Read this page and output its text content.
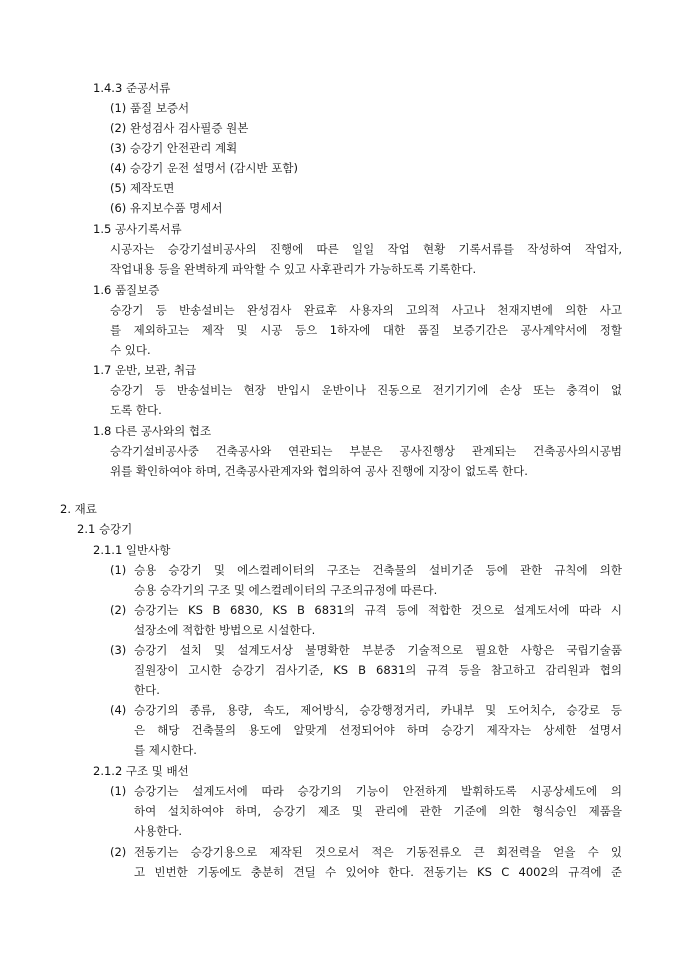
1.4.3 준공서류
(1) 품질 보증서
(2) 완성검사 검사필증 원본
(3) 승강기 안전관리 계획
(4) 승강기 운전 설명서 (감시반 포함)
(5) 제작도면
(6) 유지보수품 명세서
1.5 공사기록서류
시공자는 승강기설비공사의 진행에 따른 일일 작업 현황 기록서류를 작성하여 작업자,
작업내용 등을 완벽하게 파악할 수 있고 사후관리가 가능하도록 기록한다.
1.6 품질보증
승강기 등 반송설비는 완성검사 완료후 사용자의 고의적 사고나 천재지변에 의한 사고
를 제외하고는 제작 및 시공 등으 1하자에 대한 품질 보증기간은 공사계약서에 정할
수 있다.
1.7 운반, 보관, 취급
승강기 등 반송설비는 현장 반입시 운반이나 진동으로 전기기기에 손상 또는 충격이 없
도록 한다.
1.8 다른 공사와의 협조
승각기설비공사중 건축공사와 연관되는 부분은 공사진행상 관계되는 건축공사의시공범
위를 확인하여야 하며, 건축공사관계자와 협의하여 공사 진행에 지장이 없도록 한다.
2. 재료
2.1 승강기
2.1.1 일반사항
(1) 승용 승강기 및 에스컬레이터의 구조는 건축물의 설비기준 등에 관한 규칙에 의한
승용 승각기의 구조 및 에스컬레이터의 구조의규정에 따른다.
(2) 승강기는 KS B 6830, KS B 6831의 규격 등에 적합한 것으로 설계도서에 따라 시
설장소에 적합한 방법으로 시설한다.
(3) 승강기 설치 및 설계도서상 불명확한 부분중 기술적으로 필요한 사항은 국립기술품
질원장이 고시한 승강기 검사기준, KS B 6831의 규격 등을 참고하고 감리원과 협의
한다.
(4) 승강기의 종류, 용량, 속도, 제어방식, 승강행정거리, 카내부 및 도어치수, 승강로 등
은 해당 건축물의 용도에 알맞게 선정되어야 하며 승강기 제작자는 상세한 설명서
를 제시한다.
2.1.2 구조 및 배선
(1) 승강기는 설계도서에 따라 승강기의 기능이 안전하게 발휘하도록 시공상세도에 의
하여 설치하여야 하며, 승강기 제조 및 관리에 관한 기준에 의한 형식승인 제품을
사용한다.
(2) 전동기는 승강기용으로 제작된 것으로서 적은 기동전류오 큰 회전력을 얻을 수 있
고 빈번한 기동에도 충분히 견딜 수 있어야 한다. 전동기는 KS C 4002의 규격에 준
